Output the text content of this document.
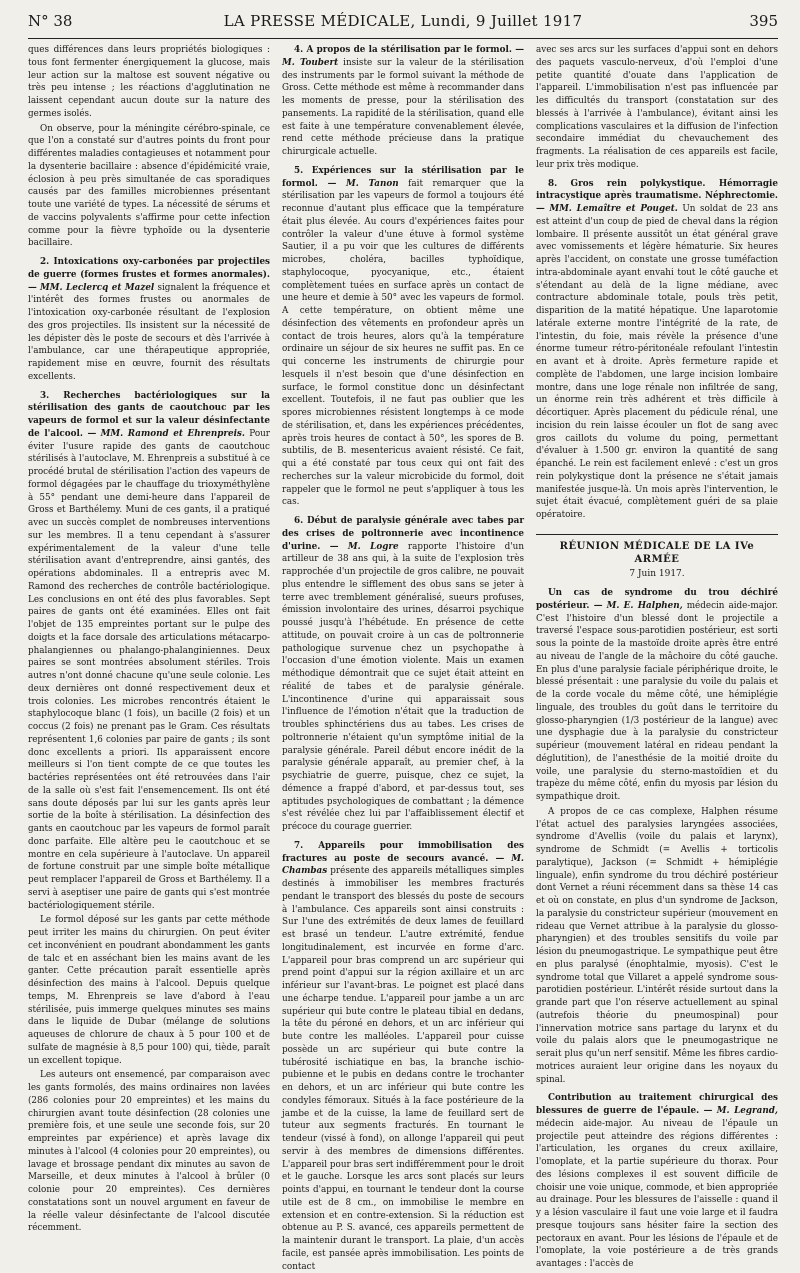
N° 38	LA PRESSE MÉDICALE, Lundi, 9 Juillet 1917	395

ques différences dans leurs propriétés biologiques : tous font fermenter énergiquement la glucose, mais leur action sur la maltose est souvent négative ou très peu intense ; les réactions d'agglutination ne laissent cependant aucun doute sur la nature des germes isolés.

On observe, pour la méningite cérébro-spinale, ce que l'on a constaté sur d'autres points du front pour différentes maladies contagieuses et notamment pour la dysenterie bacillaire : absence d'épidémicité vraie, éclosion à peu près simultanée de cas sporadiques causés par des familles microbiennes présentant toute une variété de types. La nécessité de sérums et de vaccins polyvalents s'affirme pour cette infection comme pour la fièvre typhoïde ou la dysenterie bacillaire.

2. Intoxications oxy-carbonées par projectiles de guerre (formes frustes et formes anormales). — MM. Leclercq et Mazel signalent la fréquence et l'intérêt des formes frustes ou anormales de l'intoxication oxy-carbonée résultant de l'explosion des gros projectiles. Ils insistent sur la nécessité de les dépister dès le poste de secours et dès l'arrivée à l'ambulance, car une thérapeutique appropriée, rapidement mise en œuvre, fournit des résultats excellents.

3. Recherches bactériologiques sur la stérilisation des gants de caoutchouc par les vapeurs de formol et sur la valeur désinfectante de l'alcool. — MM. Ramond et Ehrenpreis. Pour éviter l'usure rapide des gants de caoutchouc stérilisés à l'autoclave, M. Ehrenpreis a substitué à ce procédé brutal de stérilisation l'action des vapeurs de formol dégagées par le chauffage du trioxyméthylène à 55° pendant une demi-heure dans l'appareil de Gross et Barthélemy. Muni de ces gants, il a pratiqué avec un succès complet de nombreuses interventions sur les membres. Il a tenu cependant à s'assurer expérimentalement de la valeur d'une telle stérilisation avant d'entreprendre, ainsi gantés, des opérations abdominales. Il a entrepris avec M. Ramond des recherches de contrôle bactériologique. Les conclusions en ont été des plus favorables. Sept paires de gants ont été examinées. Elles ont fait l'objet de 135 empreintes portant sur le pulpe des doigts et la face dorsale des articulations métacarpo-phalangiennes ou phalango-phalanginiennes. Deux paires se sont montrées absolument stériles. Trois autres n'ont donné chacune qu'une seule colonie. Les deux dernières ont donné respectivement deux et trois colonies. Les microbes rencontrés étaient le staphylocoque blanc (1 fois), un bacille (2 fois) et un coccus (2 fois) ne prenant pas le Gram. Ces résultats représentent 1,6 colonies par paire de gants ; ils sont donc excellents a priori. Ils apparaissent encore meilleurs si l'on tient compte de ce que toutes les bactéries représentées ont été retrouvées dans l'air de la salle où s'est fait l'ensemencement. Ils ont été sans doute déposés par lui sur les gants après leur sortie de la boîte à stérilisation. La désinfection des gants en caoutchouc par les vapeurs de formol paraît donc parfaite. Elle altère peu le caoutchouc et se montre en cela supérieure à l'autoclave. Un appareil de fortune construit par une simple boîte métallique peut remplacer l'appareil de Gross et Barthélemy. Il a servi à aseptiser une paire de gants qui s'est montrée bactériologiquement stérile.

Le formol déposé sur les gants par cette méthode peut irriter les mains du chirurgien. On peut éviter cet inconvénient en poudrant abondamment les gants de talc et en asséchant bien les mains avant de les ganter. Cette précaution paraît essentielle après désinfection des mains à l'alcool. Depuis quelque temps, M. Ehrenpreis se lave d'abord à l'eau stérilisée, puis immerge quelques minutes ses mains dans le liquide de Dubar (mélange de solutions aqueuses de chlorure de chaux à 5 pour 100 et de sulfate de magnésie à 8,5 pour 100) qui, tiède, paraît un excellent topique.

Les auteurs ont ensemencé, par comparaison avec les gants formolés, des mains ordinaires non lavées (286 colonies pour 20 empreintes) et les mains du chirurgien avant toute désinfection (28 colonies une première fois, et une seule une seconde fois, sur 20 empreintes par expérience) et après lavage dix minutes à l'alcool (4 colonies pour 20 empreintes), ou lavage et brossage pendant dix minutes au savon de Marseille, et deux minutes à l'alcool à brûler (0 colonie pour 20 empreintes). Ces dernières constatations sont un nouvel argument en faveur de la réelle valeur désinfectante de l'alcool discutée récemment.

4. A propos de la stérilisation par le formol. — M. Toubert insiste sur la valeur de la stérilisation des instruments par le formol suivant la méthode de Gross. Cette méthode est même à recommander dans les moments de presse, pour la stérilisation des pansements. La rapidité de la stérilisation, quand elle est faite à une température convenablement élevée, rend cette méthode précieuse dans la pratique chirurgicale actuelle.

5. Expériences sur la stérilisation par le formol. — M. Tanon fait remarquer que la stérilisation par les vapeurs de formol a toujours été reconnue d'autant plus efficace que la température était plus élevée. Au cours d'expériences faites pour contrôler la valeur d'une étuve à formol système Sautier, il a pu voir que les cultures de différents microbes, choléra, bacilles typhoïdique, staphylocoque, pyocyanique, etc., étaient complètement tuées en surface après un contact de une heure et demie à 50° avec les vapeurs de formol. A cette température, on obtient même une désinfection des vêtements en profondeur après un contact de trois heures, alors qu'à la température ordinaire un séjour de six heures ne suffit pas. En ce qui concerne les instruments de chirurgie pour lesquels il n'est besoin que d'une désinfection en surface, le formol constitue donc un désinfectant excellent. Toutefois, il ne faut pas oublier que les spores microbiennes résistent longtemps à ce mode de stérilisation, et, dans les expériences précédentes, après trois heures de contact à 50°, les spores de B. subtilis, de B. mesentericus avaient résisté. Ce fait, qui a été constaté par tous ceux qui ont fait des recherches sur la valeur microbicide du formol, doit rappeler que le formol ne peut s'appliquer à tous les cas.

6. Début de paralysie générale avec tabes par des crises de poltronnerie avec incontinence d'urine. — M. Logre rapporte l'histoire d'un artilleur de 38 ans qui, à la suite de l'explosion très rapprochée d'un projectile de gros calibre, ne pouvait plus entendre le sifflement des obus sans se jeter à terre avec tremblement généralisé, sueurs profuses, émission involontaire des urines, désarroi psychique poussé jusqu'à l'hébétude. En présence de cette attitude, on pouvait croire à un cas de poltronnerie pathologique survenue chez un psychopathe à l'occasion d'une émotion violente. Mais un examen méthodique démontrait que ce sujet était atteint en réalité de tabes et de paralysie générale. L'incontinence d'urine qui apparaissait sous l'influence de l'émotion n'était que la traduction de troubles sphinctériens dus au tabes. Les crises de poltronnerie n'étaient qu'un symptôme initial de la paralysie générale. Pareil début encore inédit de la paralysie générale apparaît, au premier chef, à la psychiatrie de guerre, puisque, chez ce sujet, la démence a frappé d'abord, et par-dessus tout, ses aptitudes psychologiques de combattant ; la démence s'est révélée chez lui par l'affaiblissement électif et précoce du courage guerrier.

7. Appareils pour immobilisation des fractures au poste de secours avancé. — M. Chambas présente des appareils métalliques simples destinés à immobiliser les membres fracturés pendant le transport des blessés du poste de secours à l'ambulance. Ces appareils sont ainsi construits : Sur l'une des extrémités de deux lames de feuillard est brasé un tendeur. L'autre extrémité, fendue longitudinalement, est incurvée en forme d'arc. L'appareil pour bras comprend un arc supérieur qui prend point d'appui sur la région axillaire et un arc inférieur sur l'avant-bras. Le poignet est placé dans une écharpe tendue. L'appareil pour jambe a un arc supérieur qui bute contre le plateau tibial en dedans, la tête du péroné en dehors, et un arc inférieur qui bute contre les malléoles. L'appareil pour cuisse possède un arc supérieur qui bute contre la tubérosité ischiatique en bas, la branche ischio-pubienne et le pubis en dedans contre le trochanter en dehors, et un arc inférieur qui bute contre les condyles fémoraux. Situés à la face postérieure de la jambe et de la cuisse, la lame de feuillard sert de tuteur aux segments fracturés. En tournant le tendeur (vissé à fond), on allonge l'appareil qui peut servir à des membres de dimensions différentes. L'appareil pour bras sert indifféremment pour le droit et le gauche. Lorsque les arcs sont placés sur leurs points d'appui, en tournant le tendeur dont la course utile est de 8 cm., on immobilise le membre en extension et en contre-extension. Si la réduction est obtenue au P. S. avancé, ces appareils permettent de la maintenir durant le transport. La plaie, d'un accès facile, est pansée après immobilisation. Les points de contact

avec ses arcs sur les surfaces d'appui sont en dehors des paquets vasculo-nerveux, d'où l'emploi d'une petite quantité d'ouate dans l'application de l'appareil. L'immobilisation n'est pas influencée par les difficultés du transport (constatation sur des blessés à l'arrivée à l'ambulance), évitant ainsi les complications vasculaires et la diffusion de l'infection secondaire immédiat du chevauchement des fragments. La réalisation de ces appareils est facile, leur prix très modique.

8. Gros rein polykystique. Hémorragie intracystique après traumatisme. Néphrectomie. — MM. Lemaître et Pouget. Un soldat de 23 ans est atteint d'un coup de pied de cheval dans la région lombaire. Il présente aussitôt un état général grave avec vomissements et légère hématurie. Six heures après l'accident, on constate une grosse tuméfaction intra-abdominale ayant envahi tout le côté gauche et s'étendant au delà de la ligne médiane, avec contracture abdominale totale, pouls très petit, disparition de la matité hépatique. Une laparotomie latérale externe montre l'intégrité de la rate, de l'intestin, du foie, mais révèle la présence d'une énorme tumeur rétro-péritonéale refoulant l'intestin en avant et à droite. Après fermeture rapide et complète de l'abdomen, une large incision lombaire montre, dans une loge rénale non infiltrée de sang, un énorme rein très adhérent et très difficile à décortiquer. Après placement du pédicule rénal, une incision du rein laisse écouler un flot de sang avec gros caillots du volume du poing, permettant d'évaluer à 1.500 gr. environ la quantité de sang épanché. Le rein est facilement enlevé : c'est un gros rein polykystique dont la présence ne s'était jamais manifestée jusque-là. Un mois après l'intervention, le sujet était évacué, complètement guéri de sa plaie opératoire.

RÉUNION MÉDICALE DE LA IVe ARMÉE
7 Juin 1917.

Un cas de syndrome du trou déchiré postérieur. — M. E. Halphen, médecin aide-major. C'est l'histoire d'un blessé dont le projectile a traversé l'espace sous-parotidien postérieur, est sorti sous la pointe de la mastoïde droite après être entré au niveau de l'angle de la mâchoire du côté gauche. En plus d'une paralysie faciale périphérique droite, le blessé présentait : une paralysie du voile du palais et de la corde vocale du même côté, une hémiplégie linguale, des troubles du goût dans le territoire du glosso-pharyngien (1/3 postérieur de la langue) avec une dysphagie due à la paralysie du constricteur supérieur (mouvement latéral en rideau pendant la déglutition), de l'anesthésie de la moitié droite du voile, une paralysie du sterno-mastoïdien et du trapèze du même côté, enfin du myosis par lésion du sympathique droit.

A propos de ce cas complexe, Halphen résume l'état actuel des paralysies laryngées associées, syndrome d'Avellis (voile du palais et larynx), syndrome de Schmidt (= Avellis + torticolis paralytique), Jackson (= Schmidt + hémiplégie linguale), enfin syndrome du trou déchiré postérieur dont Vernet a réuni récemment dans sa thèse 14 cas et où on constate, en plus d'un syndrome de Jackson, la paralysie du constricteur supérieur (mouvement en rideau que Vernet attribue à la paralysie du glosso-pharyngien) et des troubles sensitifs du voile par lésion du pneumogastrique. Le sympathique peut être en plus paralysé (énophtalmie, myosis). C'est le syndrome total que Villaret a appelé syndrome sous-parotidien postérieur. L'intérêt réside surtout dans la grande part que l'on réserve actuellement au spinal (autrefois théorie du pneumospinal) pour l'innervation motrice sans partage du larynx et du voile du palais alors que le pneumogastrique ne serait plus qu'un nerf sensitif. Même les fibres cardio-motrices auraient leur origine dans les noyaux du spinal.

Contribution au traitement chirurgical des blessures de guerre de l'épaule. — M. Legrand, médecin aide-major. Au niveau de l'épaule un projectile peut atteindre des régions différentes : l'articulation, les organes du creux axillaire, l'omoplate, et la partie supérieure du thorax. Pour des lésions complexes il est souvent difficile de choisir une voie unique, commode, et bien appropriée au drainage. Pour les blessures de l'aisselle : quand il y a lésion vasculaire il faut une voie large et il faudra presque toujours sans hésiter faire la section des pectoraux en avant. Pour les lésions de l'épaule et de l'omoplate, la voie postérieure a de très grands avantages : l'accès de
